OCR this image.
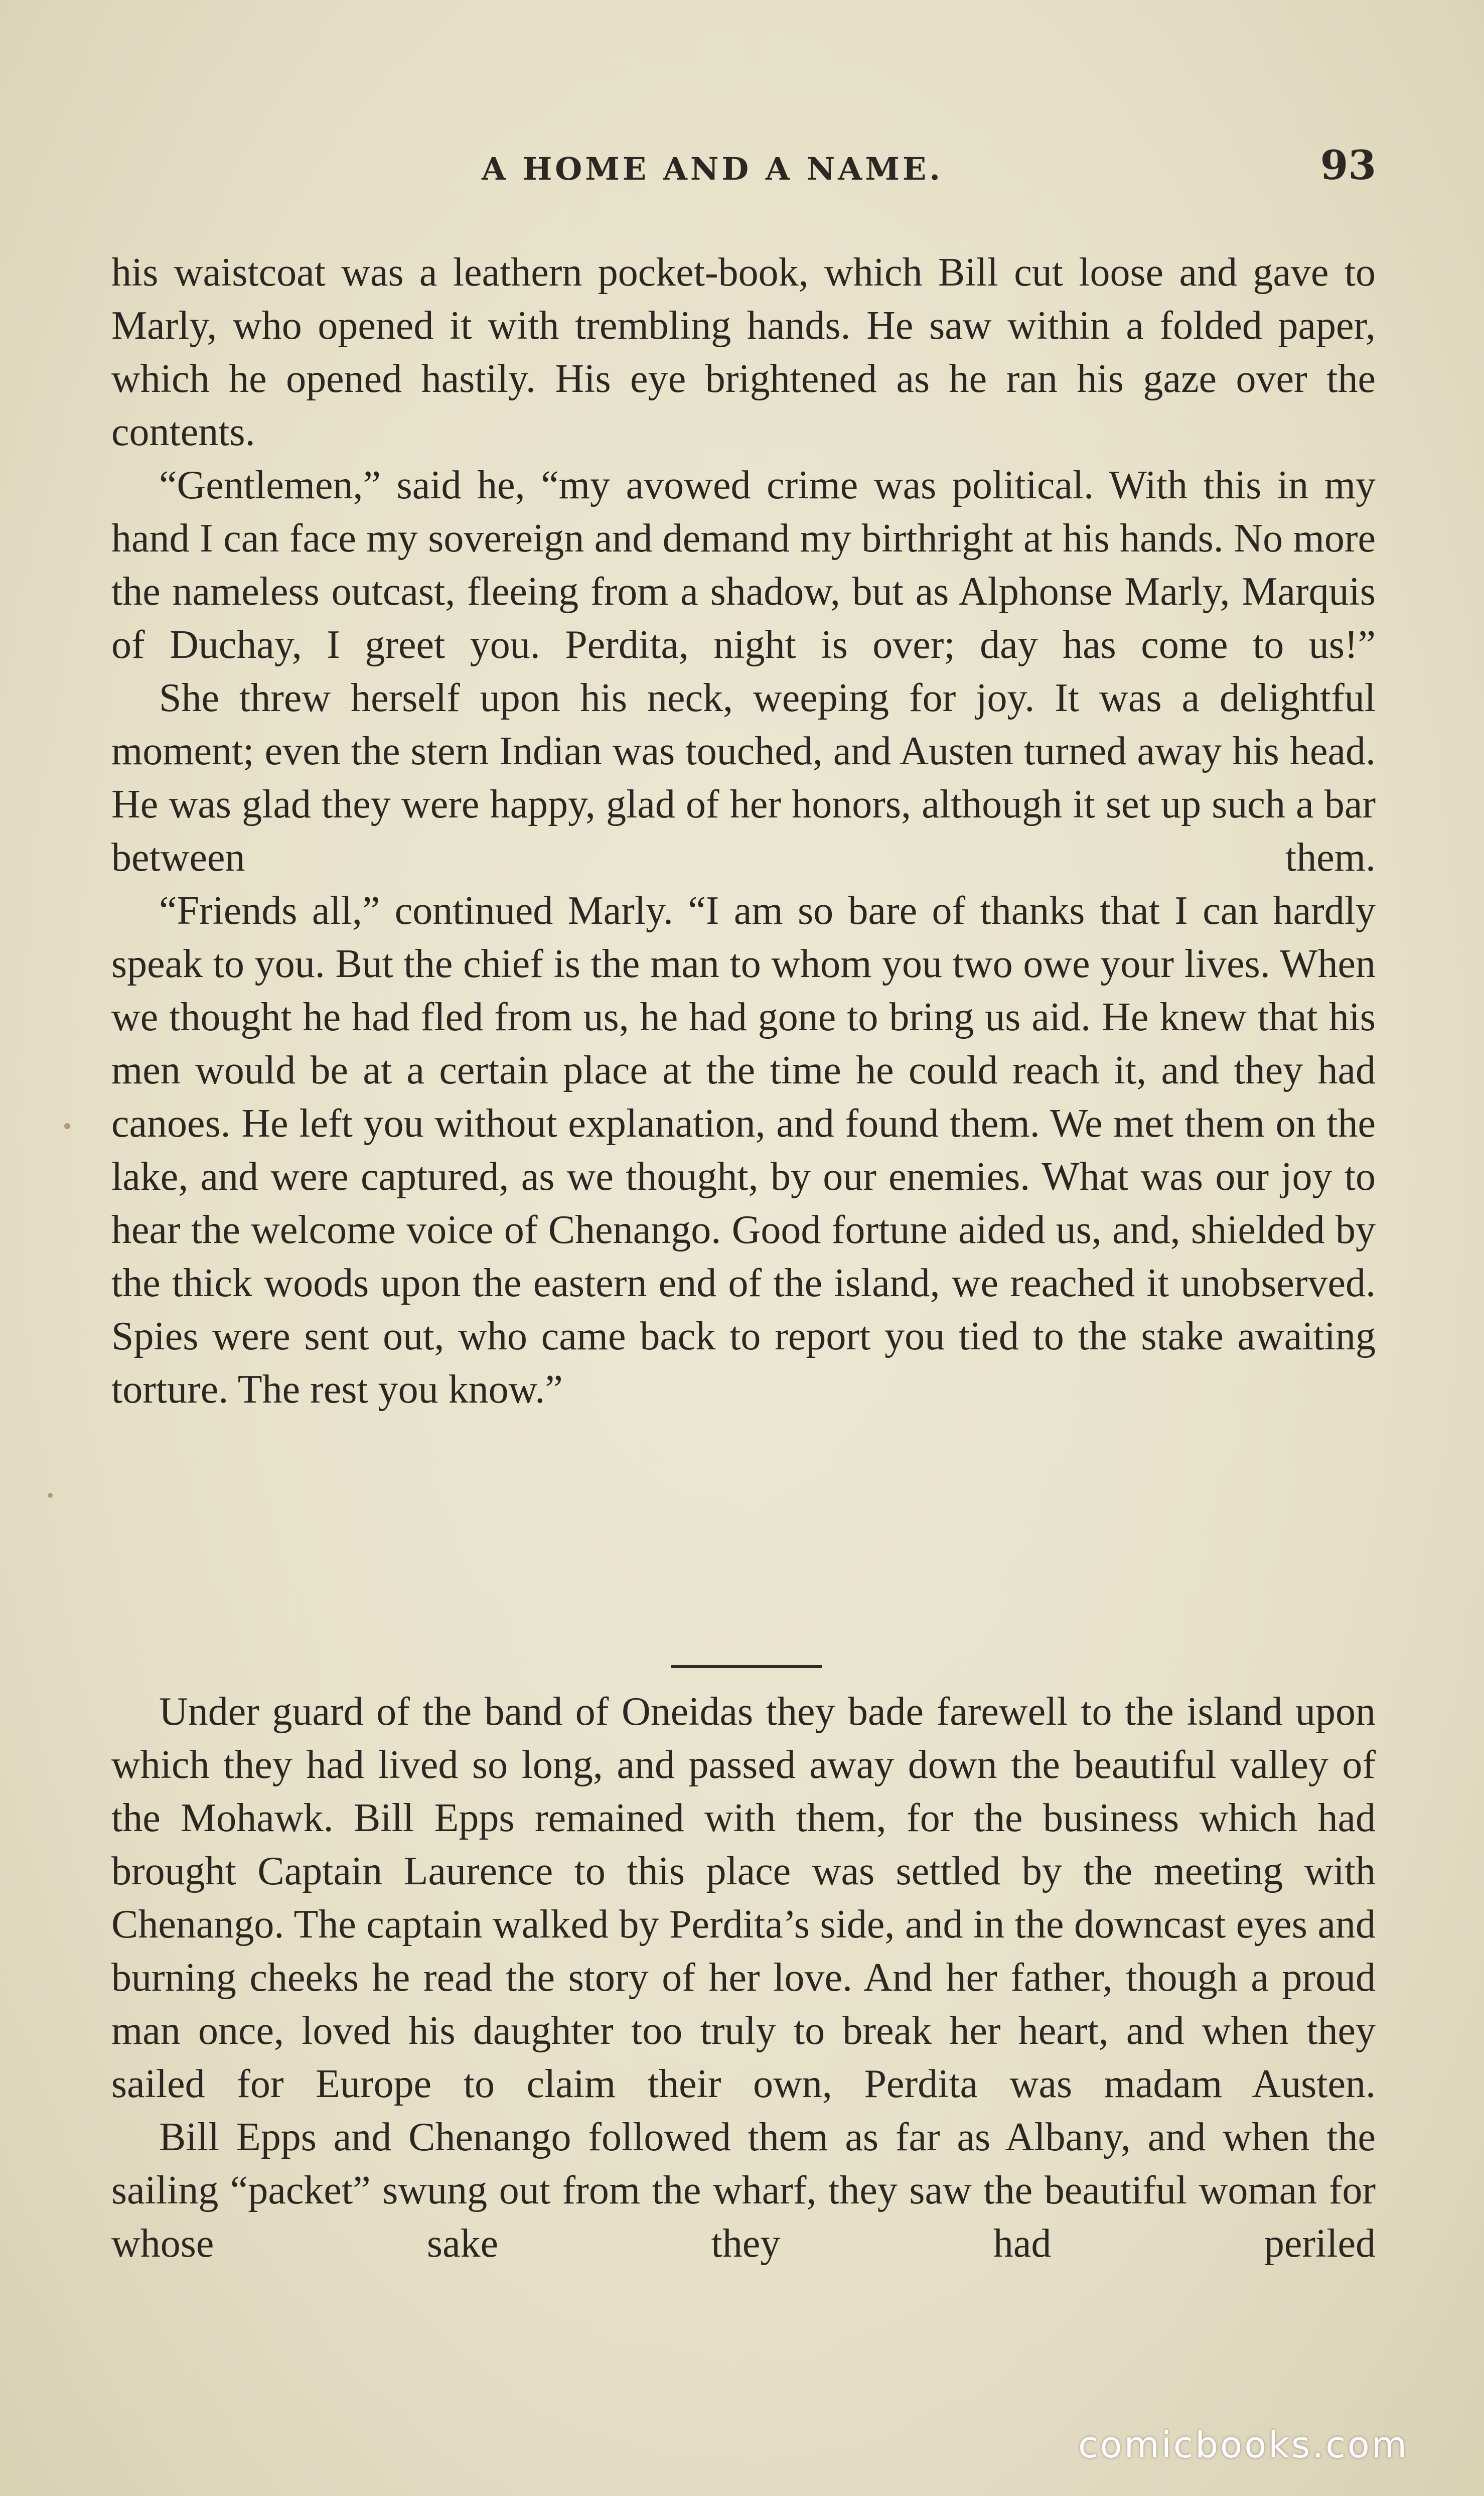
A HOME AND A NAME.	93

his waistcoat was a leathern pocket-book, which Bill cut loose and gave to Marly, who opened it with trembling hands. He saw within a folded paper, which he opened hastily. His eye brightened as he ran his gaze over the contents.

“Gentlemen,” said he, “my avowed crime was political. With this in my hand I can face my sovereign and demand my birthright at his hands. No more the nameless outcast, fleeing from a shadow, but as Alphonse Marly, Marquis of Duchay, I greet you. Perdita, night is over; day has come to us!”

She threw herself upon his neck, weeping for joy. It was a delightful moment; even the stern Indian was touched, and Austen turned away his head. He was glad they were happy, glad of her honors, although it set up such a bar between them.

“Friends all,” continued Marly. “I am so bare of thanks that I can hardly speak to you. But the chief is the man to whom you two owe your lives. When we thought he had fled from us, he had gone to bring us aid. He knew that his men would be at a certain place at the time he could reach it, and they had canoes. He left you without explanation, and found them. We met them on the lake, and were captured, as we thought, by our enemies. What was our joy to hear the welcome voice of Chenango. Good fortune aided us, and, shielded by the thick woods upon the eastern end of the island, we reached it unobserved. Spies were sent out, who came back to report you tied to the stake awaiting torture. The rest you know.”

Under guard of the band of Oneidas they bade farewell to the island upon which they had lived so long, and passed away down the beautiful valley of the Mohawk. Bill Epps remained with them, for the business which had brought Captain Laurence to this place was settled by the meeting with Chenango. The captain walked by Perdita’s side, and in the downcast eyes and burning cheeks he read the story of her love. And her father, though a proud man once, loved his daughter too truly to break her heart, and when they sailed for Europe to claim their own, Perdita was madam Austen.

Bill Epps and Chenango followed them as far as Albany, and when the sailing “packet” swung out from the wharf, they saw the beautiful woman for whose sake they had periled

comicbooks.com
